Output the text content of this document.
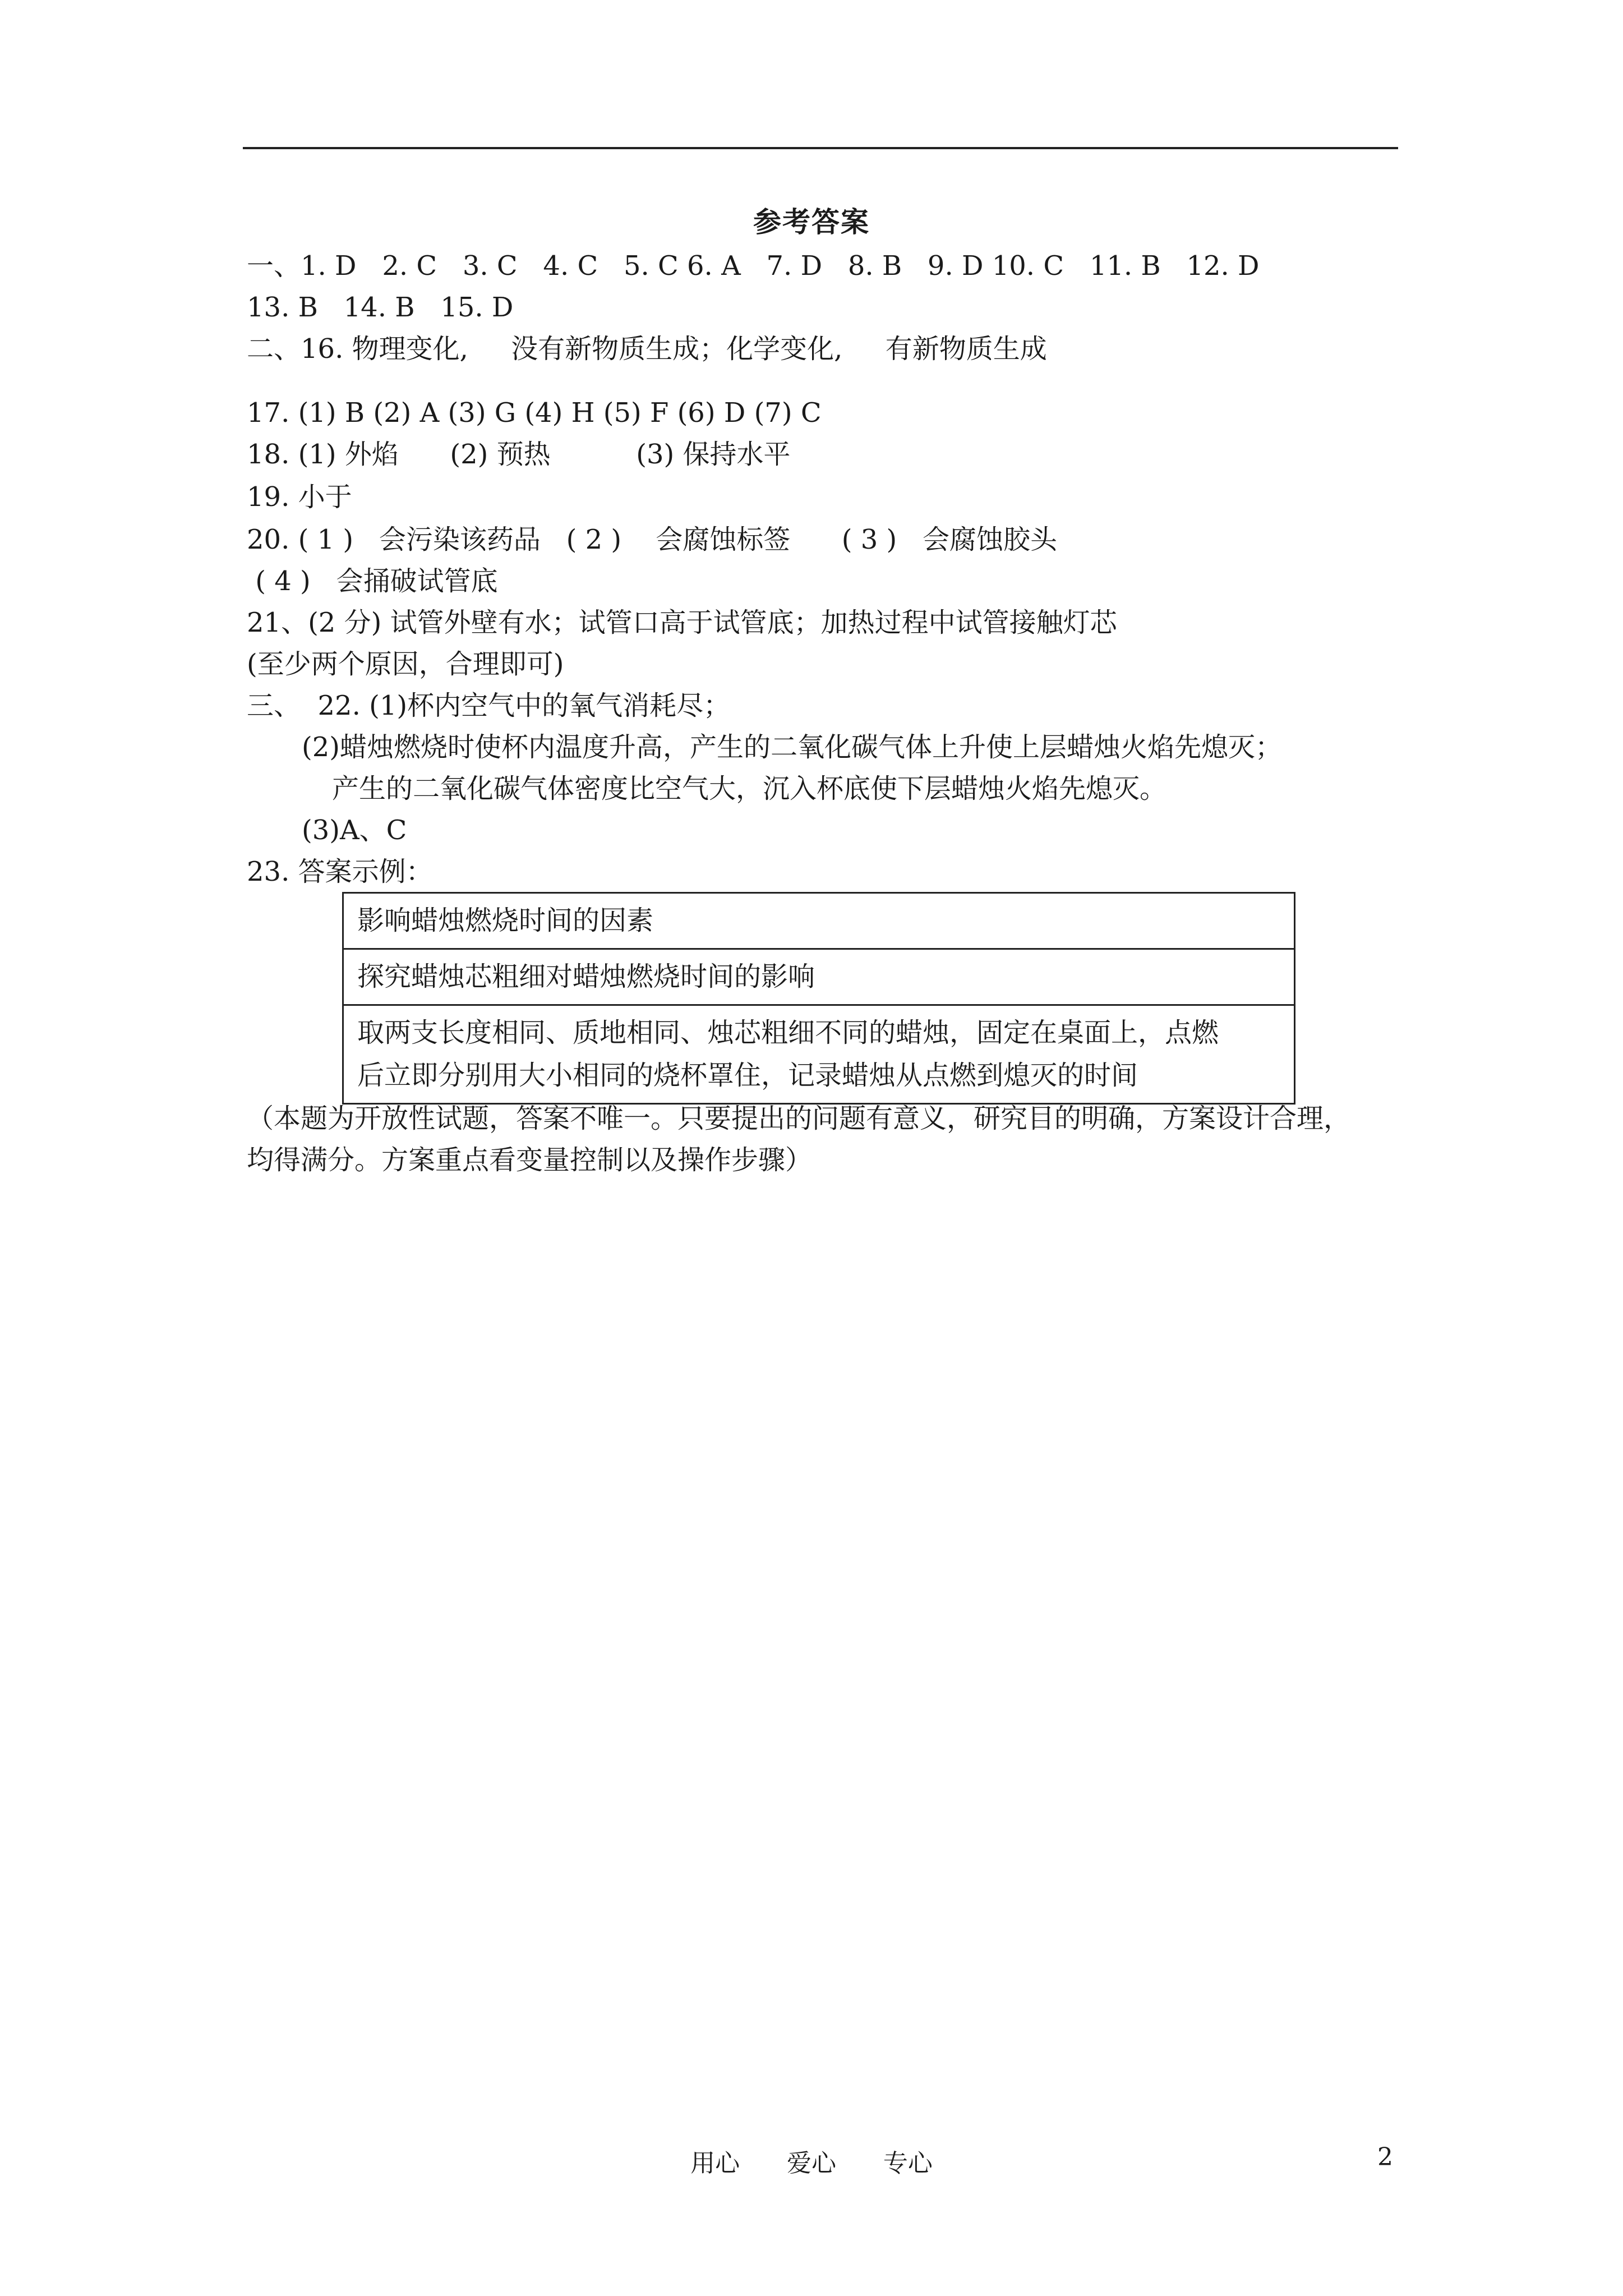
参考答案
一、1. D   2. C   3. C   4. C   5. C 6. A   7. D   8. B   9. D 10. C   11. B   12. D
13. B   14. B   15. D
二、16. 物理变化,     没有新物质生成；化学变化,     有新物质生成
17. (1) B (2) A (3) G (4) H (5) F (6) D (7) C
18. (1) 外焰      (2) 预热          (3) 保持水平
19. 小于
20. ( 1 )   会污染该药品   ( 2 )    会腐蚀标签      ( 3 )   会腐蚀胶头
( 4 )   会捅破试管底
21、(2 分) 试管外壁有水；试管口高于试管底；加热过程中试管接触灯芯
(至少两个原因，合理即可)
三、  22. (1)杯内空气中的氧气消耗尽；
(2)蜡烛燃烧时使杯内温度升高，产生的二氧化碳气体上升使上层蜡烛火焰先熄灭；
产生的二氧化碳气体密度比空气大，沉入杯底使下层蜡烛火焰先熄灭。
(3)A、C
23. 答案示例：
影响蜡烛燃烧时间的因素
探究蜡烛芯粗细对蜡烛燃烧时间的影响

取两支长度相同、质地相同、烛芯粗细不同的蜡烛，固定在桌面上，点燃
后立即分别用大小相同的烧杯罩住，记录蜡烛从点燃到熄灭的时间
（本题为开放性试题，答案不唯一。只要提出的问题有意义，研究目的明确，方案设计合理，
均得满分。方案重点看变量控制以及操作步骤）
用心      爱心      专心	2
